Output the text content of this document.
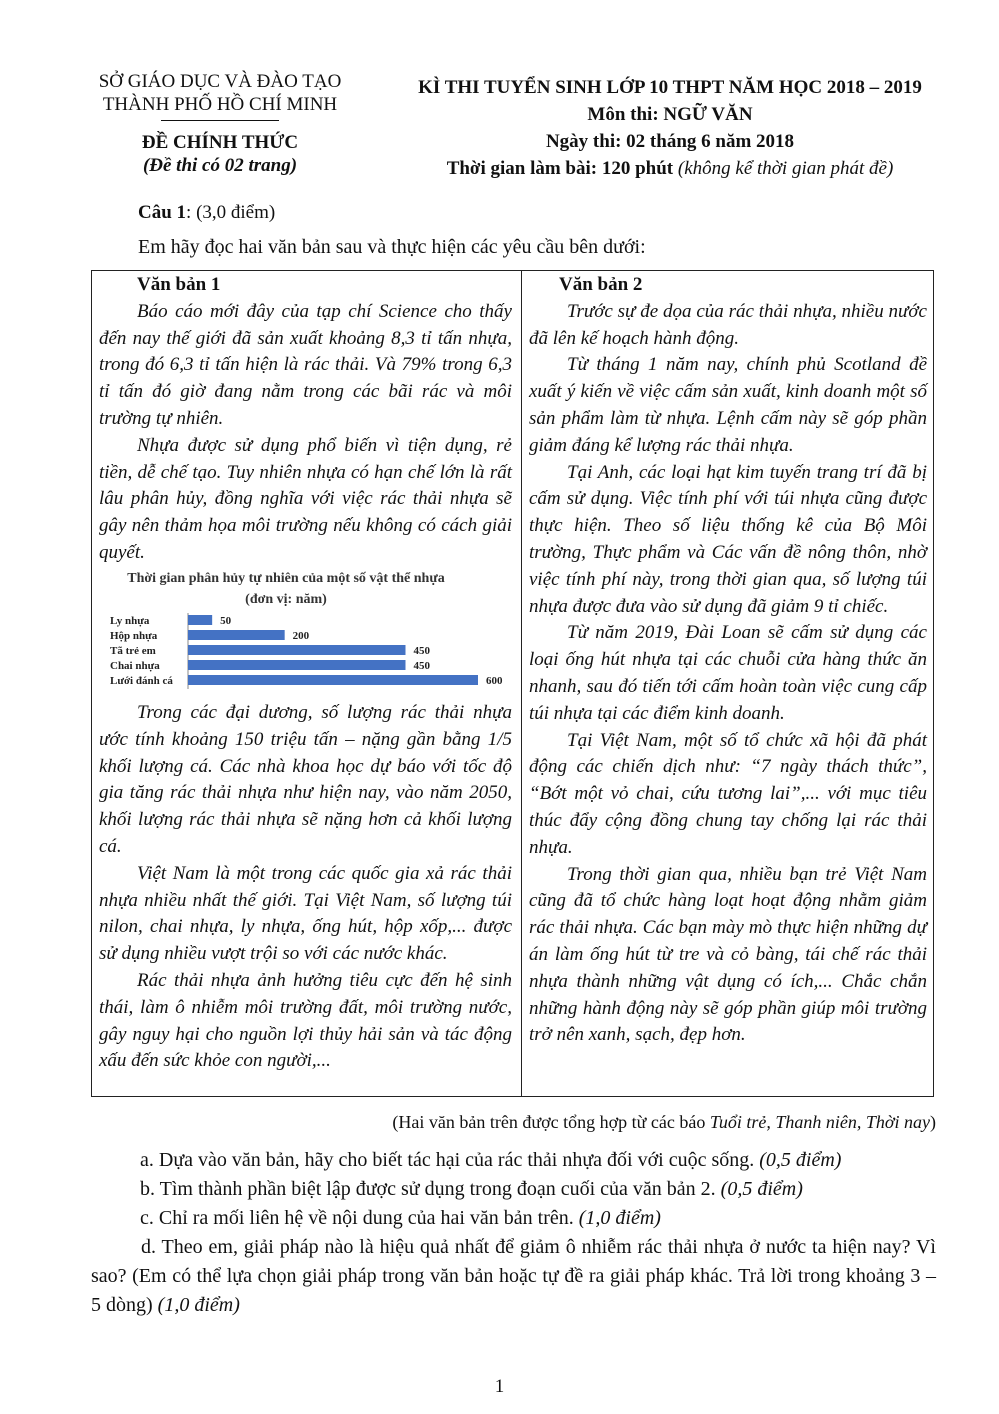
SỞ GIÁO DỤC VÀ ĐÀO TẠO
THÀNH PHỐ HỒ CHÍ MINH
ĐỀ CHÍNH THỨC
(Đề thi có 02 trang)
KÌ THI TUYỂN SINH LỚP 10 THPT NĂM HỌC 2018 – 2019
Môn thi: NGỮ VĂN
Ngày thi: 02 tháng 6 năm 2018
Thời gian làm bài: 120 phút (không kể thời gian phát đề)
Câu 1: (3,0 điểm)
Em hãy đọc hai văn bản sau và thực hiện các yêu cầu bên dưới:

Văn bản 1

Báo cáo mới đây của tạp chí Science cho thấy đến nay thế giới đã sản xuất khoảng 8,3 tỉ tấn nhựa, trong đó 6,3 tỉ tấn hiện là rác thải. Và 79% trong 6,3 tỉ tấn đó giờ đang nằm trong các bãi rác và môi trường tự nhiên.

Nhựa được sử dụng phổ biến vì tiện dụng, rẻ tiền, dễ chế tạo. Tuy nhiên nhựa có hạn chế lớn là rất lâu phân hủy, đồng nghĩa với việc rác thải nhựa sẽ gây nên thảm họa môi trường nếu không có cách giải quyết.

Thời gian phân hủy tự nhiên của một số vật thể nhựa
(đơn vị: năm)
Ly nhựa	50
Hộp nhựa	200
Tã trẻ em	450
Chai nhựa	450
Lưới đánh cá	600

Trong các đại dương, số lượng rác thải nhựa ước tính khoảng 150 triệu tấn – nặng gần bằng 1/5 khối lượng cá. Các nhà khoa học dự báo với tốc độ gia tăng rác thải nhựa như hiện nay, vào năm 2050, khối lượng rác thải nhựa sẽ nặng hơn cả khối lượng cá.

Việt Nam là một trong các quốc gia xả rác thải nhựa nhiều nhất thế giới. Tại Việt Nam, số lượng túi nilon, chai nhựa, ly nhựa, ống hút, hộp xốp,... được sử dụng nhiều vượt trội so với các nước khác.

Rác thải nhựa ảnh hưởng tiêu cực đến hệ sinh thái, làm ô nhiễm môi trường đất, môi trường nước, gây nguy hại cho nguồn lợi thủy hải sản và tác động xấu đến sức khỏe con người,...

Văn bản 2

Trước sự đe dọa của rác thải nhựa, nhiều nước đã lên kế hoạch hành động.

Từ tháng 1 năm nay, chính phủ Scotland đề xuất ý kiến về việc cấm sản xuất, kinh doanh một số sản phẩm làm từ nhựa. Lệnh cấm này sẽ góp phần giảm đáng kể lượng rác thải nhựa.

Tại Anh, các loại hạt kim tuyến trang trí đã bị cấm sử dụng. Việc tính phí với túi nhựa cũng được thực hiện. Theo số liệu thống kê của Bộ Môi trường, Thực phẩm và Các vấn đề nông thôn, nhờ việc tính phí này, trong thời gian qua, số lượng túi nhựa được đưa vào sử dụng đã giảm 9 tỉ chiếc.

Từ năm 2019, Đài Loan sẽ cấm sử dụng các loại ống hút nhựa tại các chuỗi cửa hàng thức ăn nhanh, sau đó tiến tới cấm hoàn toàn việc cung cấp túi nhựa tại các điểm kinh doanh.

Tại Việt Nam, một số tổ chức xã hội đã phát động các chiến dịch như: “7 ngày thách thức”, “Bớt một vỏ chai, cứu tương lai”,... với mục tiêu thúc đẩy cộng đồng chung tay chống lại rác thải nhựa.

Trong thời gian qua, nhiều bạn trẻ Việt Nam cũng đã tổ chức hàng loạt hoạt động nhằm giảm rác thải nhựa. Các bạn mày mò thực hiện những dự án làm ống hút từ tre và cỏ bàng, tái chế rác thải nhựa thành những vật dụng có ích,... Chắc chắn những hành động này sẽ góp phần giúp môi trường trở nên xanh, sạch, đẹp hơn.

(Hai văn bản trên được tổng hợp từ các báo Tuổi trẻ, Thanh niên, Thời nay)
a. Dựa vào văn bản, hãy cho biết tác hại của rác thải nhựa đối với cuộc sống. (0,5 điểm)
b. Tìm thành phần biệt lập được sử dụng trong đoạn cuối của văn bản 2. (0,5 điểm)
c. Chỉ ra mối liên hệ về nội dung của hai văn bản trên. (1,0 điểm)
d. Theo em, giải pháp nào là hiệu quả nhất để giảm ô nhiễm rác thải nhựa ở nước ta hiện nay? Vì sao? (Em có thể lựa chọn giải pháp trong văn bản hoặc tự đề ra giải pháp khác. Trả lời trong khoảng 3 – 5 dòng) (1,0 điểm)
1
